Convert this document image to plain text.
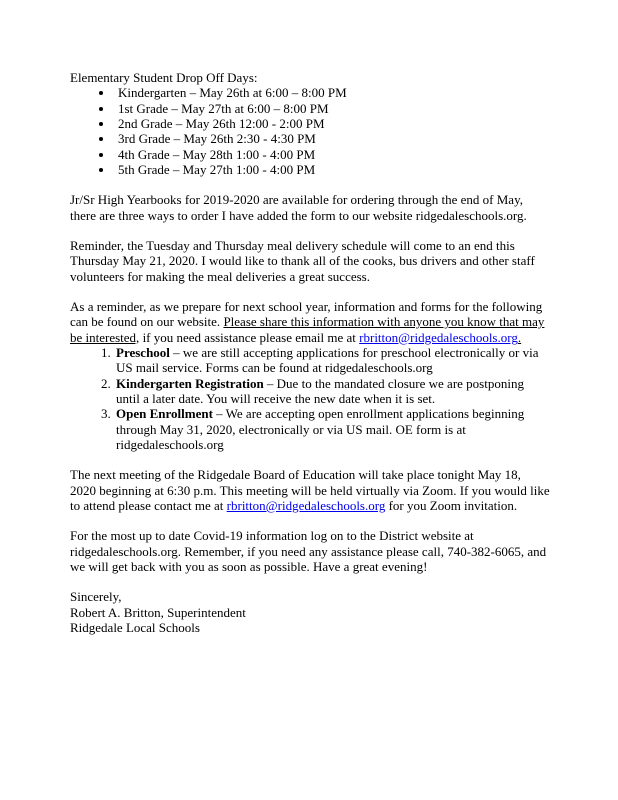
Elementary Student Drop Off Days:

• Kindergarten – May 26th at 6:00 – 8:00 PM
• 1st Grade – May 27th at 6:00 – 8:00 PM
• 2nd Grade – May 26th 12:00 - 2:00 PM
• 3rd Grade – May 26th 2:30 - 4:30 PM
• 4th Grade – May 28th 1:00 - 4:00 PM
• 5th Grade – May 27th 1:00 - 4:00 PM

Jr/Sr High Yearbooks for 2019-2020 are available for ordering through the end of May, there are three ways to order I have added the form to our website ridgedaleschools.org.

Reminder, the Tuesday and Thursday meal delivery schedule will come to an end this Thursday May 21, 2020. I would like to thank all of the cooks, bus drivers and other staff volunteers for making the meal deliveries a great success.

As a reminder, as we prepare for next school year, information and forms for the following can be found on our website. Please share this information with anyone you know that may be interested, if you need assistance please email me at rbritton@ridgedaleschools.org.

1. Preschool – we are still accepting applications for preschool electronically or via US mail service. Forms can be found at ridgedaleschools.org
2. Kindergarten Registration – Due to the mandated closure we are postponing until a later date. You will receive the new date when it is set.
3. Open Enrollment – We are accepting open enrollment applications beginning through May 31, 2020, electronically or via US mail. OE form is at ridgedaleschools.org

The next meeting of the Ridgedale Board of Education will take place tonight May 18, 2020 beginning at 6:30 p.m. This meeting will be held virtually via Zoom. If you would like to attend please contact me at rbritton@ridgedaleschools.org for you Zoom invitation.

For the most up to date Covid-19 information log on to the District website at ridgedaleschools.org. Remember, if you need any assistance please call, 740-382-6065, and we will get back with you as soon as possible. Have a great evening!

Sincerely,

Robert A. Britton, Superintendent

Ridgedale Local Schools
